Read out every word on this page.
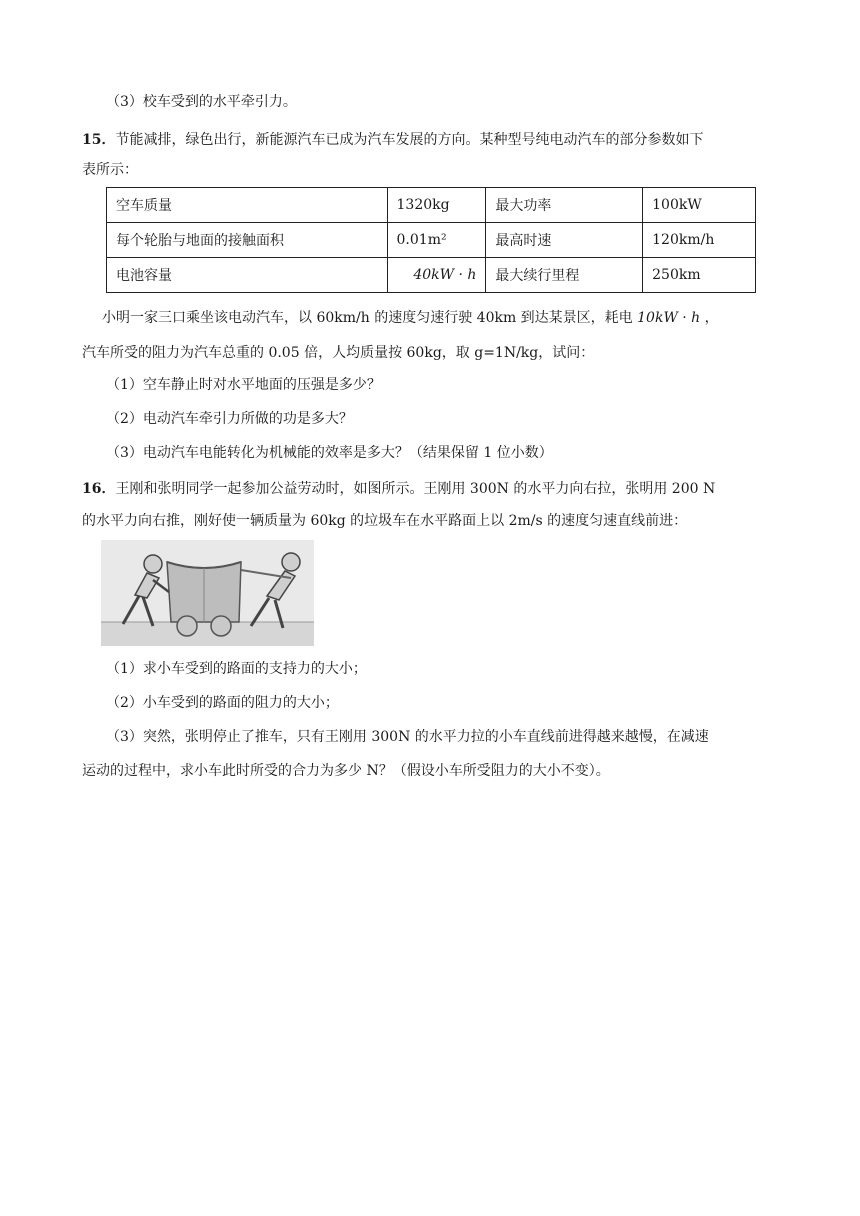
（3）校车受到的水平牵引力。
15．节能减排，绿色出行，新能源汽车已成为汽车发展的方向。某种型号纯电动汽车的部分参数如下
表所示：
空车质量	1320kg	最大功率	100kW
每个轮胎与地面的接触面积	0.01m²	最高时速	120km/h
电池容量	40kW · h	最大续行里程	250km
小明一家三口乘坐该电动汽车，以 60km/h 的速度匀速行驶 40km 到达某景区，耗电 10kW · h ，
汽车所受的阻力为汽车总重的 0.05 倍，人均质量按 60kg，取 g=1N/kg，试问：
（1）空车静止时对水平地面的压强是多少？
（2）电动汽车牵引力所做的功是多大？
（3）电动汽车电能转化为机械能的效率是多大？（结果保留 1 位小数）
16．王刚和张明同学一起参加公益劳动时，如图所示。王刚用 300N 的水平力向右拉，张明用 200 N
的水平力向右推，刚好使一辆质量为 60kg 的垃圾车在水平路面上以 2m/s 的速度匀速直线前进：
（1）求小车受到的路面的支持力的大小；
（2）小车受到的路面的阻力的大小；
（3）突然，张明停止了推车，只有王刚用 300N 的水平力拉的小车直线前进得越来越慢，在减速
运动的过程中，求小车此时所受的合力为多少 N？（假设小车所受阻力的大小不变）。
